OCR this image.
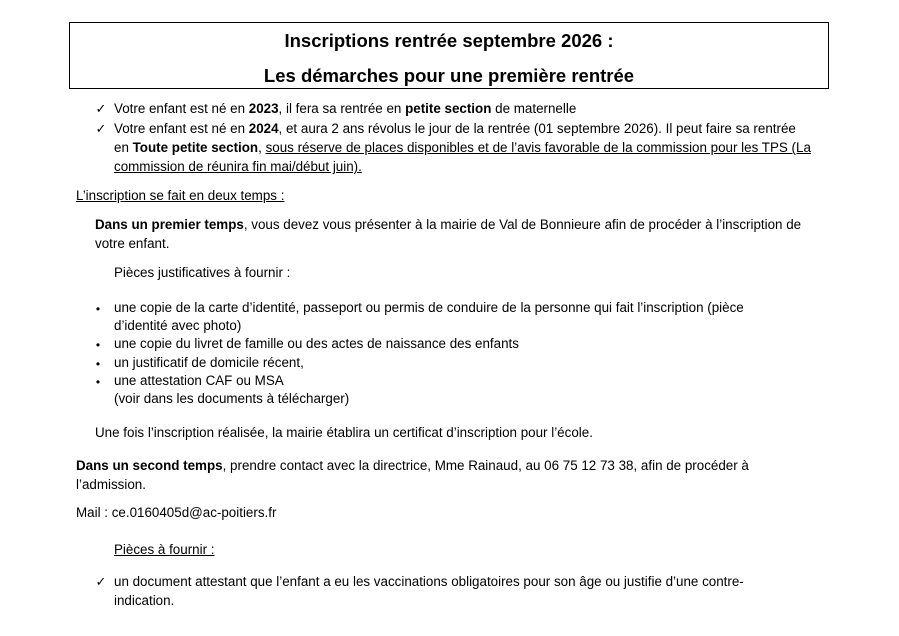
Inscriptions rentrée septembre 2026 :
Les démarches pour une première rentrée
✓ Votre enfant est né en 2023, il fera sa rentrée en petite section de maternelle
✓ Votre enfant est né en 2024, et aura 2 ans révolus le jour de la rentrée (01 septembre 2026). Il peut faire sa rentrée
en Toute petite section, sous réserve de places disponibles et de l’avis favorable de la commission pour les TPS (La
commission de réunira fin mai/début juin).
L’inscription se fait en deux temps :
Dans un premier temps, vous devez vous présenter à la mairie de Val de Bonnieure afin de procéder à l’inscription de
votre enfant.
Pièces justificatives à fournir :
•	une copie de la carte d’identité, passeport ou permis de conduire de la personne qui fait l’inscription (pièce
d’identité avec photo)
•	une copie du livret de famille ou des actes de naissance des enfants
•	un justificatif de domicile récent,
•	une attestation CAF ou MSA
(voir dans les documents à télécharger)
Une fois l’inscription réalisée, la mairie établira un certificat d’inscription pour l’école.
Dans un second temps, prendre contact avec la directrice, Mme Rainaud, au 06 75 12 73 38, afin de procéder à
l’admission.
Mail : ce.0160405d@ac-poitiers.fr
Pièces à fournir :
✓ un document attestant que l’enfant a eu les vaccinations obligatoires pour son âge ou justifie d’une contre-
indication.
